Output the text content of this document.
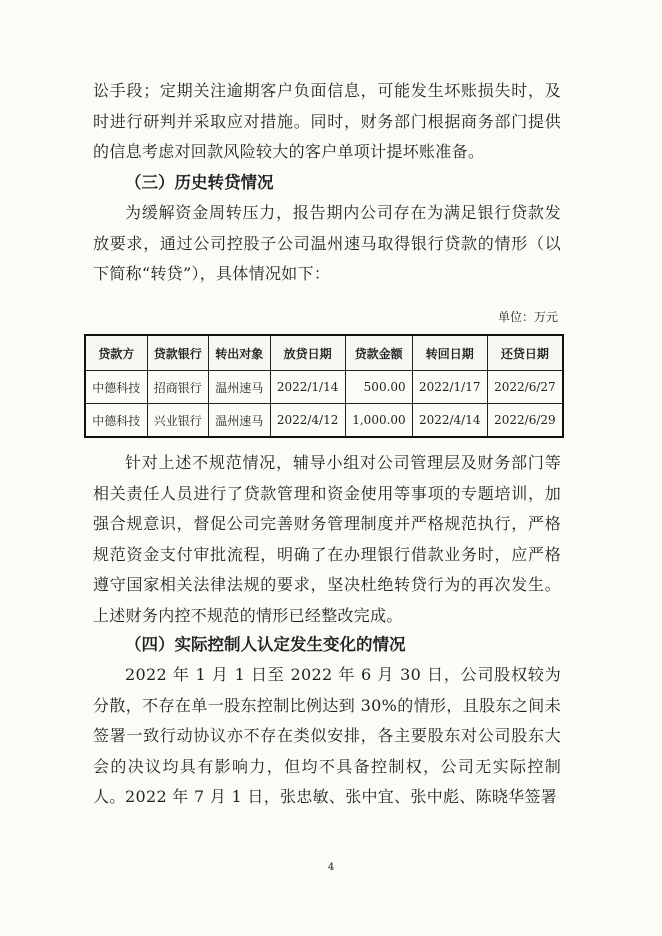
讼手段；定期关注逾期客户负面信息，可能发生坏账损失时，及时进行研判并采取应对措施。同时，财务部门根据商务部门提供的信息考虑对回款风险较大的客户单项计提坏账准备。

（三）历史转贷情况

为缓解资金周转压力，报告期内公司存在为满足银行贷款发放要求，通过公司控股子公司温州速马取得银行贷款的情形（以下简称“转贷”），具体情况如下：

单位：万元
贷款方	贷款银行	转出对象	放贷日期	贷款金额	转回日期	还贷日期
中德科技	招商银行	温州速马	2022/1/14	500.00	2022/1/17	2022/6/27
中德科技	兴业银行	温州速马	2022/4/12	1,000.00	2022/4/14	2022/6/29

针对上述不规范情况，辅导小组对公司管理层及财务部门等相关责任人员进行了贷款管理和资金使用等事项的专题培训，加强合规意识，督促公司完善财务管理制度并严格规范执行，严格规范资金支付审批流程，明确了在办理银行借款业务时，应严格遵守国家相关法律法规的要求，坚决杜绝转贷行为的再次发生。上述财务内控不规范的情形已经整改完成。

（四）实际控制人认定发生变化的情况

2022 年 1 月 1 日至 2022 年 6 月 30 日，公司股权较为分散，不存在单一股东控制比例达到 30%的情形，且股东之间未签署一致行动协议亦不存在类似安排，各主要股东对公司股东大会的决议均具有影响力，但均不具备控制权，公司无实际控制人。 2022 年 7 月 1 日，张忠敏、张中宜、张中彪、陈晓华签署

4
